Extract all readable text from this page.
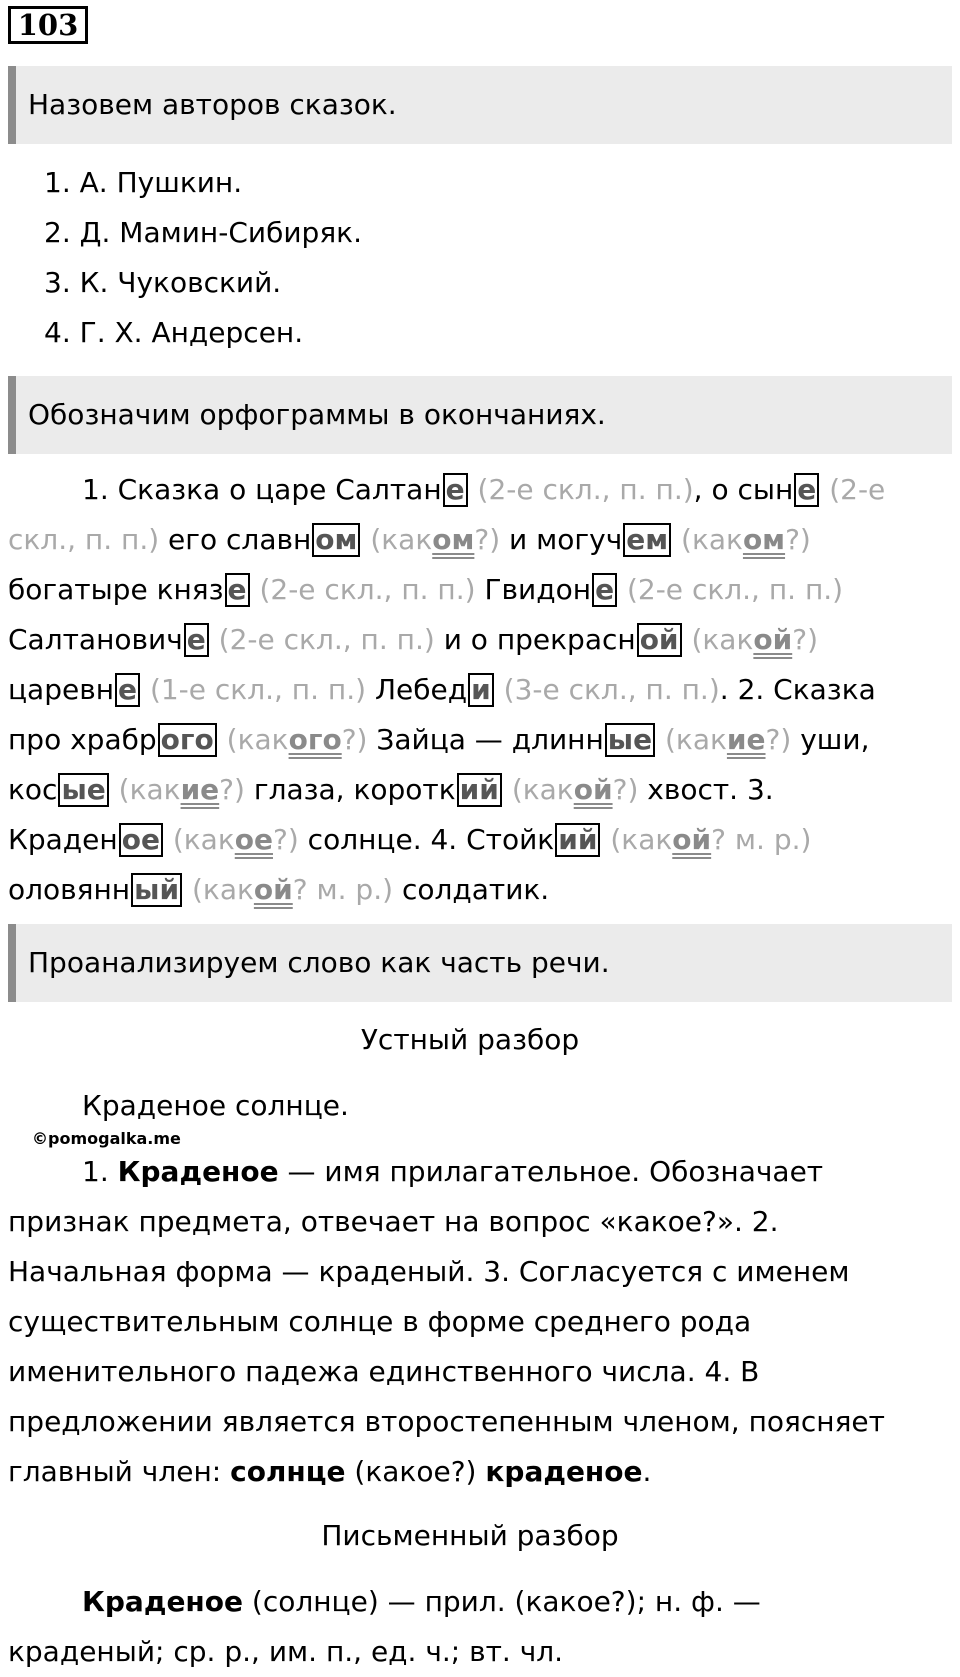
103
Назовем авторов сказок.
1. А. Пушкин.
2. Д. Мамин-Сибиряк.
3. К. Чуковский.
4. Г. Х. Андерсен.
Обозначим орфограммы в окончаниях.
1. Сказка о царе Салтан е (2-е скл., п. п.), о сын е (2-е
скл., п. п.) его славн ом (каком?) и могуч ем (каком?)
богатыре княз е (2-е скл., п. п.) Гвидон е (2-е скл., п. п.)
Салтанович е (2-е скл., п. п.) и о прекрасн ой (какой?)
царевн е (1-е скл., п. п.) Лебед и (3-е скл., п. п.). 2. Сказка
про храбр ого (какого?) Зайца — длинн ые (какие?) уши,
кос ые (какие?) глаза, коротк ий (какой?) хвост. 3.
Краден ое (какое?) солнце. 4. Стойк ий (какой? м. р.)
оловянн ый (какой? м. р.) солдатик.
Проанализируем слово как часть речи.
Устный разбор
Краденое солнце.
©pomogalka.me
1. Краденое — имя прилагательное. Обозначает
признак предмета, отвечает на вопрос «какое?». 2.
Начальная форма — краденый. 3. Согласуется с именем
существительным солнце в форме среднего рода
именительного падежа единственного числа. 4. В
предложении является второстепенным членом, поясняет
главный член: солнце (какое?) краденое.
Письменный разбор
Краденое (солнце) — прил. (какое?); н. ф. —
краденый; ср. р., им. п., ед. ч.; вт. чл.
